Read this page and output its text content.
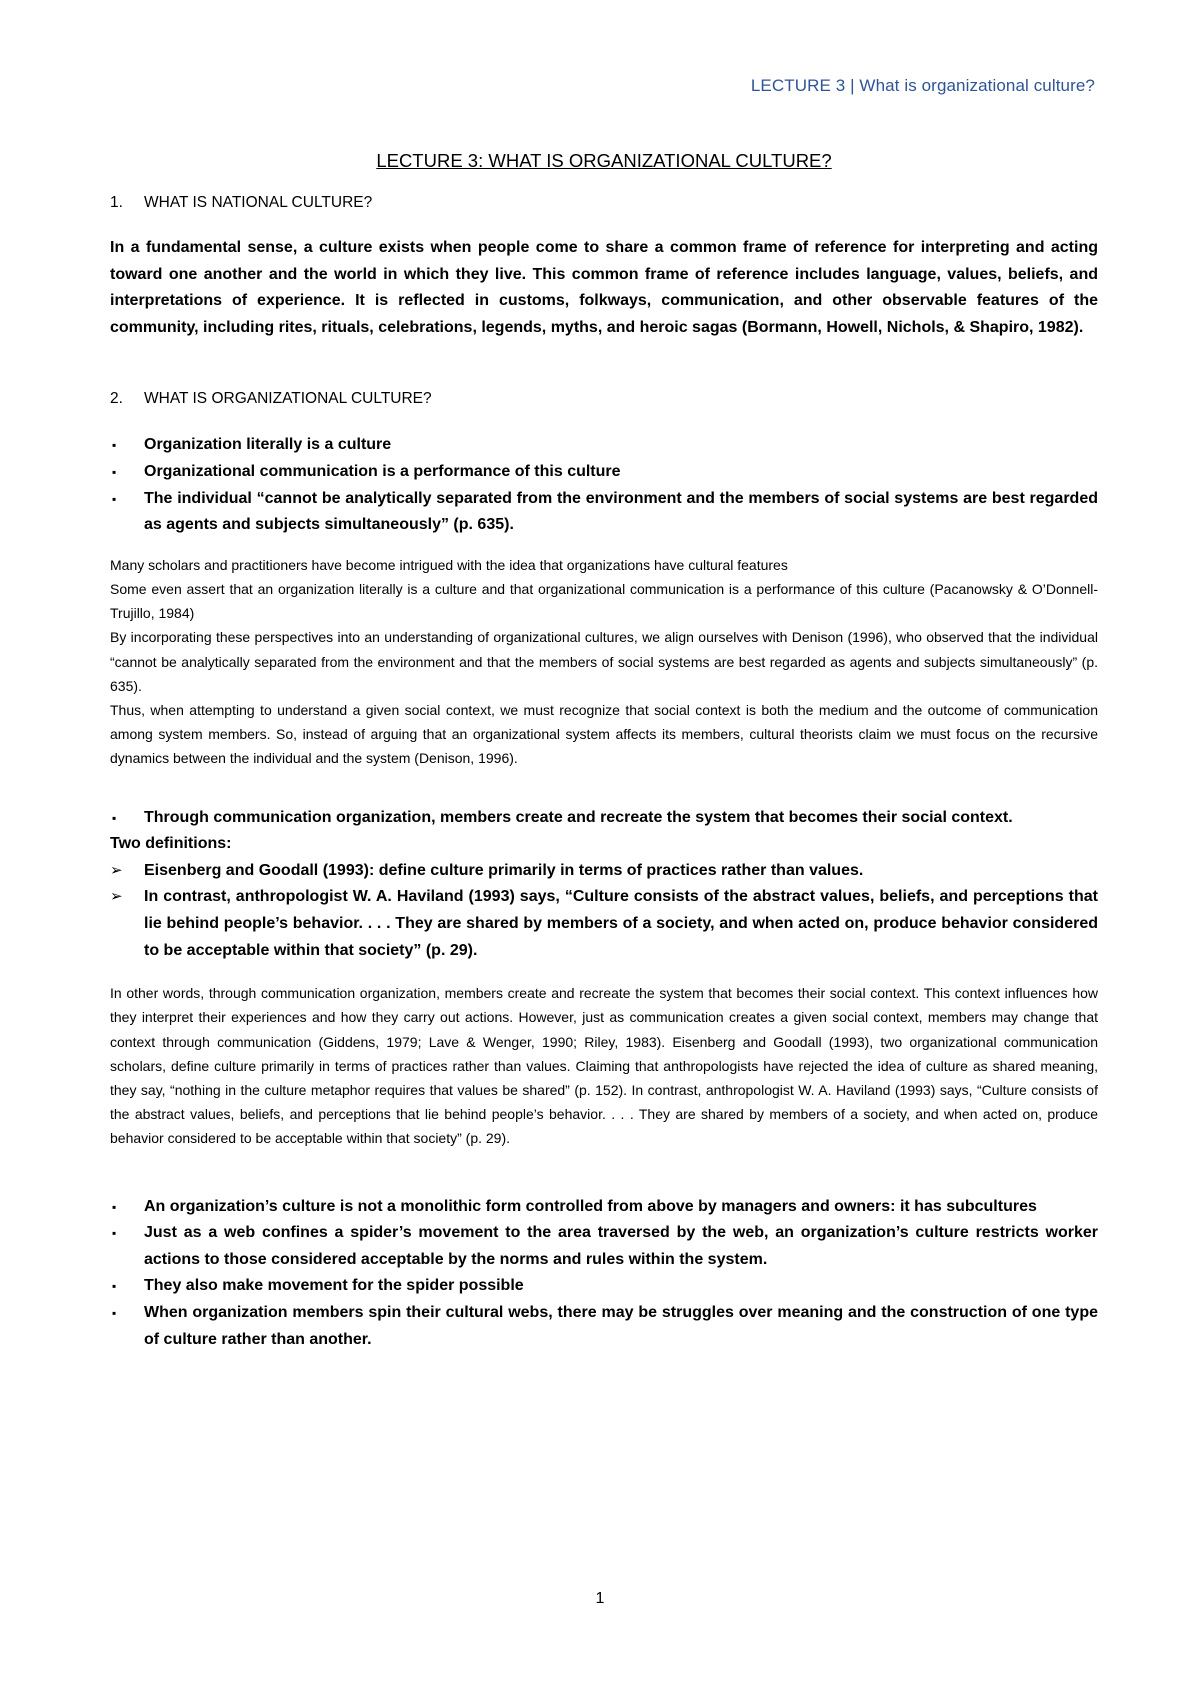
LECTURE 3 | What is organizational culture?
LECTURE 3: WHAT IS ORGANIZATIONAL CULTURE?
1.	WHAT IS NATIONAL CULTURE?

In a fundamental sense, a culture exists when people come to share a common frame of reference for interpreting and acting toward one another and the world in which they live. This common frame of reference includes language, values, beliefs, and interpretations of experience. It is reflected in customs, folkways, communication, and other observable features of the community, including rites, rituals, celebrations, legends, myths, and heroic sagas (Bormann, Howell, Nichols, & Shapiro, 1982).

2.	WHAT IS ORGANIZATIONAL CULTURE?
▪	Organization literally is a culture
▪	Organizational communication is a performance of this culture
▪	The individual “cannot be analytically separated from the environment and the members of social systems are best regarded as agents and subjects simultaneously” (p. 635).

Many scholars and practitioners have become intrigued with the idea that organizations have cultural features

Some even assert that an organization literally is a culture and that organizational communication is a performance of this culture (Pacanowsky & O’Donnell-Trujillo, 1984)

By incorporating these perspectives into an understanding of organizational cultures, we align ourselves with Denison (1996), who observed that the individual “cannot be analytically separated from the environment and that the members of social systems are best regarded as agents and subjects simultaneously” (p. 635).

Thus, when attempting to understand a given social context, we must recognize that social context is both the medium and the outcome of communication among system members. So, instead of arguing that an organizational system affects its members, cultural theorists claim we must focus on the recursive dynamics between the individual and the system (Denison, 1996).

▪	Through communication organization, members create and recreate the system that becomes their social context.

Two definitions:

➢	Eisenberg and Goodall (1993): define culture primarily in terms of practices rather than values.
➢	In contrast, anthropologist W. A. Haviland (1993) says, “Culture consists of the abstract values, beliefs, and perceptions that lie behind people’s behavior. . . . They are shared by members of a society, and when acted on, produce behavior considered to be acceptable within that society” (p. 29).

In other words, through communication organization, members create and recreate the system that becomes their social context. This context influences how they interpret their experiences and how they carry out actions. However, just as communication creates a given social context, members may change that context through communication (Giddens, 1979; Lave & Wenger, 1990; Riley, 1983). Eisenberg and Goodall (1993), two organizational communication scholars, define culture primarily in terms of practices rather than values. Claiming that anthropologists have rejected the idea of culture as shared meaning, they say, “nothing in the culture metaphor requires that values be shared” (p. 152). In contrast, anthropologist W. A. Haviland (1993) says, “Culture consists of the abstract values, beliefs, and perceptions that lie behind people’s behavior. . . . They are shared by members of a society, and when acted on, produce behavior considered to be acceptable within that society” (p. 29).

▪	An organization’s culture is not a monolithic form controlled from above by managers and owners: it has subcultures
▪	Just as a web confines a spider’s movement to the area traversed by the web, an organization’s culture restricts worker actions to those considered acceptable by the norms and rules within the system.
▪	They also make movement for the spider possible
▪	When organization members spin their cultural webs, there may be struggles over meaning and the construction of one type of culture rather than another.
1
